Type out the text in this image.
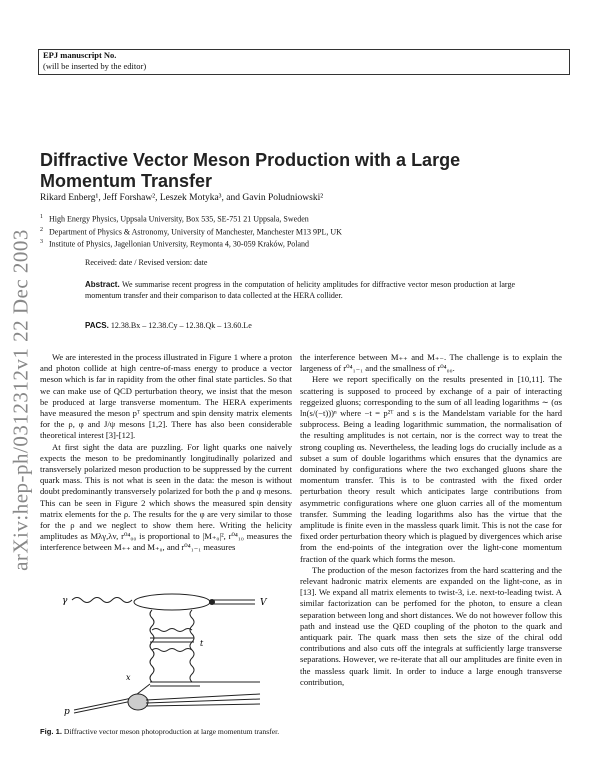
EPJ manuscript No.
(will be inserted by the editor)
arXiv:hep-ph/0312312v1 22 Dec 2003
Diffractive Vector Meson Production with a Large Momentum Transfer
Rikard Enberg¹, Jeff Forshaw², Leszek Motyka³, and Gavin Poludniowski²
$^1$ High Energy Physics, Uppsala University, Box 535, SE-751 21 Uppsala, Sweden
$^2$ Department of Physics & Astronomy, University of Manchester, Manchester M13 9PL, UK
$^3$ Institute of Physics, Jagellonian University, Reymonta 4, 30-059 Kraków, Poland
Received: date / Revised version: date
Abstract. We summarise recent progress in the computation of helicity amplitudes for diffractive vector meson production at large momentum transfer and their comparison to data collected at the HERA collider.
PACS. 12.38.Bx – 12.38.Cy – 12.38.Qk – 13.60.Le

We are interested in the process illustrated in Figure 1 where a proton and photon collide at high centre-of-mass energy to produce a vector meson which is far in rapidity from the other final state particles. So that we can make use of QCD perturbation theory, we insist that the meson be produced at large transverse momentum. The HERA experiments have measured the meson pᵀ spectrum and spin density matrix elements for the ρ, φ and J/ψ mesons [1,2]. There has also been considerable theoretical interest [3]-[12].

At first sight the data are puzzling. For light quarks one naively expects the meson to be predominantly longitudinally polarized and transversely polarized meson production to be suppressed by the current quark mass. This is not what is seen in the data: the meson is without doubt predominantly transversely polarized for both the ρ and φ mesons. This can be seen in Figure 2 which shows the measured spin density matrix elements for the ρ. The results for the φ are very similar to those for the ρ and we neglect to show them here. Writing the helicity amplitudes as Mλγ,λv, r⁰⁴₀₀ is proportional to |M₊₀|², r⁰⁴₁₀ measures the interference between M₊₊ and M₊₀, and r⁰⁴₁₋₁ measures

γ	V
t
p
x
Fig. 1. Diffractive vector meson photoproduction at large momentum transfer.

the interference between M₊₊ and M₊₋. The challenge is to explain the largeness of r⁰⁴₁₋₁ and the smallness of r⁰⁴₀₀.

Here we report specifically on the results presented in [10,11]. The scattering is supposed to proceed by exchange of a pair of interacting reggeized gluons; corresponding to the sum of all leading logarithms ∼ (αs ln(s/(−t)))ⁿ where −t = p²ᵀ and s is the Mandelstam variable for the hard subprocess. Being a leading logarithmic summation, the normalisation of the resulting amplitudes is not certain, nor is the correct way to treat the strong coupling αs. Nevertheless, the leading logs do crucially include as a subset a sum of double logarithms which ensures that the dynamics are dominated by configurations where the two exchanged gluons share the momentum transfer. This is to be contrasted with the fixed order perturbation theory result which anticipates large contributions from asymmetric configurations where one gluon carries all of the momentum transfer. Summing the leading logarithms also has the virtue that the amplitude is finite even in the massless quark limit. This is not the case for fixed order perturbation theory which is plagued by divergences which arise from the end-points of the integration over the light-cone momentum fraction of the quark which forms the meson.

The production of the meson factorizes from the hard scattering and the relevant hadronic matrix elements are expanded on the light-cone, as in [13]. We expand all matrix elements to twist-3, i.e. next-to-leading twist. A similar factorization can be perfomed for the photon, to ensure a clean separation between long and short distances. We do not however follow this path and instead use the QED coupling of the photon to the quark and antiquark pair. The quark mass then sets the size of the chiral odd contributions and also cuts off the integrals at sufficiently large transverse separations. However, we re-iterate that all our amplitudes are finite even in the massless quark limit. In order to induce a large enough transverse contribution,
